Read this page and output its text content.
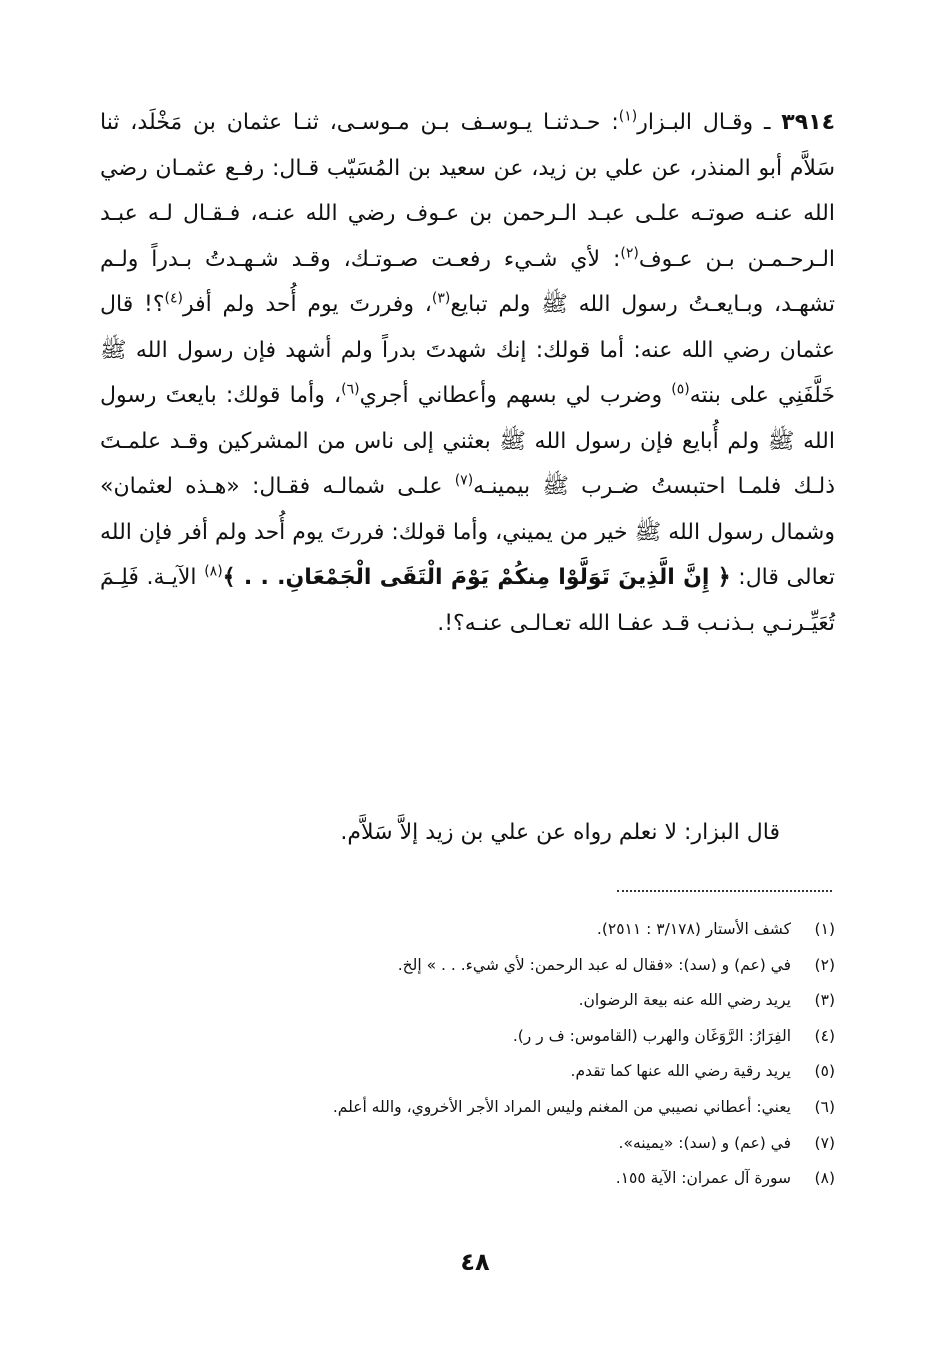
٣٩١٤ ـ وقـال البـزار$^{(١)}$: حـدثنـا يـوسـف بـن مـوسـى، ثنـا عثمان بن مَخْلَد، ثنا سَلاَّم أبو المنذر، عن علي بن زيد، عن سعيد بن المُسَيّب قـال: رفـع عثمـان رضي الله عنـه صوتـه علـى عبـد الـرحمن بن عـوف رضي الله عنـه، فـقـال لـه عبـد الـرحـمـن بـن عـوف$^{(٢)}$: لأي شـيء رفعـت صـوتـك، وقـد شـهـدتُ بـدراً ولـم تشهـد، وبـايعـتُ رسول الله ﷺ ولم تبايع$^{(٣)}$، وفررتَ يوم أُحد ولم أفر$^{(٤)}$؟! قال عثمان رضي الله عنه: أما قولك: إنك شهدتَ بدراً ولم أشهد فإن رسول الله ﷺ خَلَّفَنِي على بنته$^{(٥)}$ وضرب لي بسهم وأعطاني أجري$^{(٦)}$، وأما قولك: بايعتَ رسول الله ﷺ ولم أُبايع فإن رسول الله ﷺ بعثني إلى ناس من المشركين وقـد علمـتَ ذلـك فلمـا احتبستُ ضـرب ﷺ بيمينـه$^{(٧)}$ علـى شمالـه فقـال: «هـذه لعثمان» وشمال رسول الله ﷺ خير من يميني، وأما قولك: فررتَ يوم أُحد ولم أفر فإن الله تعالى قال: ﴿ إِنَّ الَّذِينَ تَوَلَّوْا مِنكُمْ يَوْمَ الْتَقَى الْجَمْعَانِ. . . ﴾$^{(٨)}$ الآيـة. فَلِـمَ تُعَيِّـرنـي بـذنـب قـد عفـا الله تعـالـى عنـه؟!.
قال البزار: لا نعلم رواه عن علي بن زيد إلاَّ سَلاَّم.
(١)كشف الأستار (٣/١٧٨ : ٢٥١١).
(٢)في (عم) و (سد): «فقال له عبد الرحمن: لأي شيء. . . » إلخ.
(٣)يريد رضي الله عنه بيعة الرضوان.
(٤)الفِرَارُ: الرَّوَغَان والهرب (القاموس: ف ر ر).
(٥)يريد رقية رضي الله عنها كما تقدم.
(٦)يعني: أعطاني نصيبي من المغنم وليس المراد الأجر الأخروي، والله أعلم.
(٧)في (عم) و (سد): «يمينه».
(٨)سورة آل عمران: الآية ١٥٥.
٤٨
